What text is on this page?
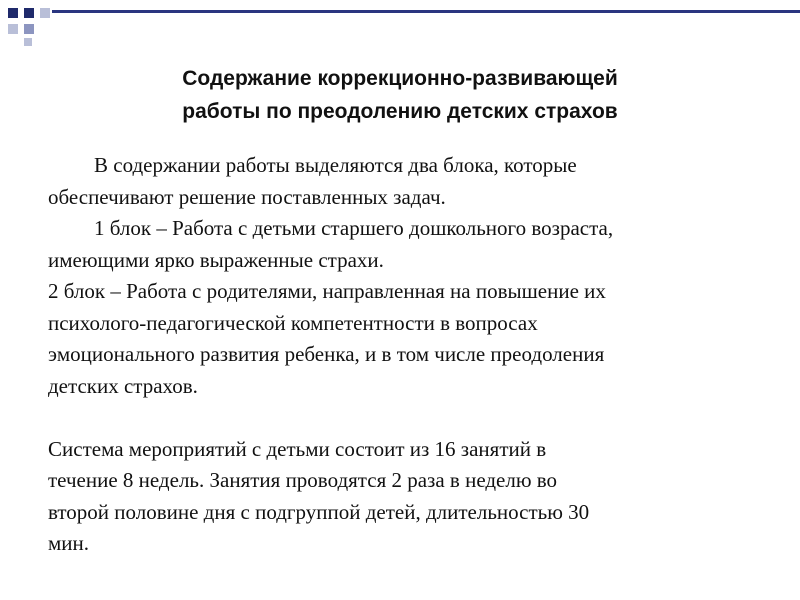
Содержание коррекционно-развивающей
работы по преодолению детских страхов
В содержании работы выделяются два блока, которые
обеспечивают решение поставленных задач.
1 блок – Работа с детьми старшего дошкольного возраста,
имеющими ярко выраженные страхи.
2 блок – Работа с родителями, направленная на повышение их
психолого-педагогической компетентности в вопросах
эмоционального развития ребенка, и в том числе преодоления
детских страхов.
Система мероприятий с детьми состоит из 16 занятий в
течение 8 недель. Занятия проводятся 2 раза в неделю во
второй половине дня с подгруппой детей, длительностью 30
мин.
